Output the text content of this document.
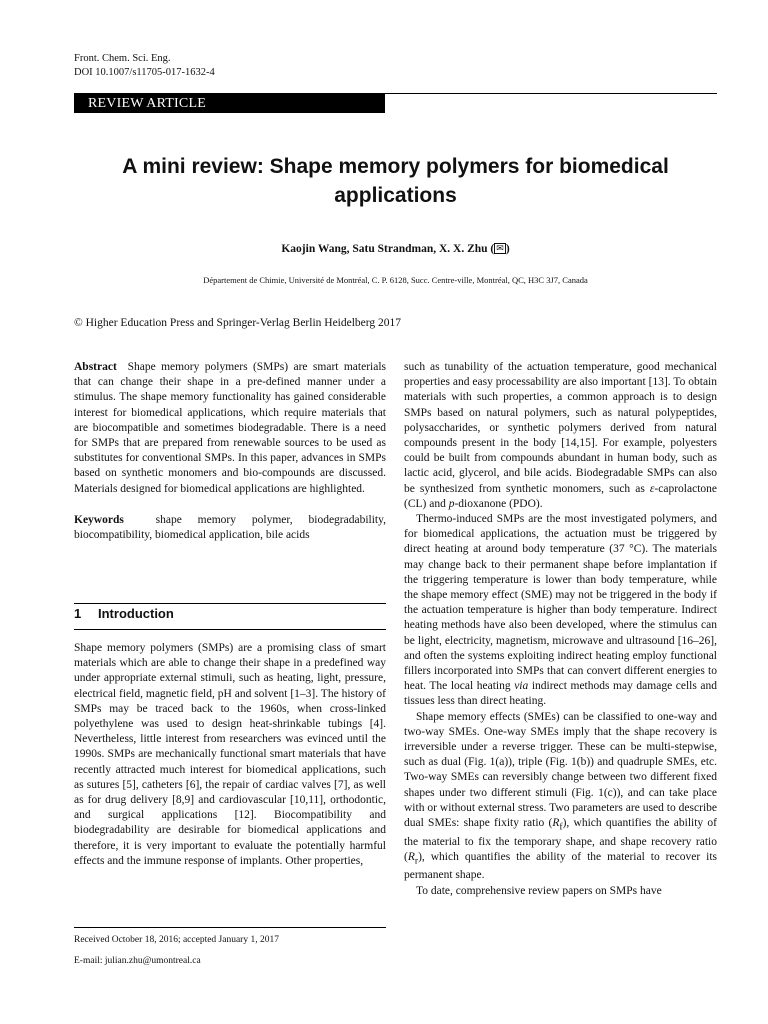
Front. Chem. Sci. Eng.
DOI 10.1007/s11705-017-1632-4
REVIEW ARTICLE
A mini review: Shape memory polymers for biomedical
applications
Kaojin Wang, Satu Strandman, X. X. Zhu ( ✉ )
Département de Chimie, Université de Montréal, C. P. 6128, Succ. Centre-ville, Montréal, QC, H3C 3J7, Canada
© Higher Education Press and Springer-Verlag Berlin Heidelberg 2017

Abstract Shape memory polymers (SMPs) are smart materials that can change their shape in a pre-defined manner under a stimulus. The shape memory functionality has gained considerable interest for biomedical applications, which require materials that are biocompatible and sometimes biodegradable. There is a need for SMPs that are prepared from renewable sources to be used as substitutes for conventional SMPs. In this paper, advances in SMPs based on synthetic monomers and bio-compounds are discussed. Materials designed for biomedical applications are highlighted.

Keywords	shape memory polymer, biodegradability, biocompatibility, biomedical application, bile acids

1 Introduction

Shape memory polymers (SMPs) are a promising class of smart materials which are able to change their shape in a predefined way under appropriate external stimuli, such as heating, light, pressure, electrical field, magnetic field, pH and solvent [1–3]. The history of SMPs may be traced back to the 1960s, when cross-linked polyethylene was used to design heat-shrinkable tubings [4]. Nevertheless, little interest from researchers was evinced until the 1990s. SMPs are mechanically functional smart materials that have recently attracted much interest for biomedical applications, such as sutures [5], catheters [6], the repair of cardiac valves [7], as well as for drug delivery [8,9] and cardiovascular [10,11], orthodontic, and surgical applications [12]. Biocompatibility and biodegradability are desirable for biomedical applications and therefore, it is very important to evaluate the potentially harmful effects and the immune response of implants. Other properties,

Received October 18, 2016; accepted January 1, 2017
E-mail: julian.zhu@umontreal.ca

such as tunability of the actuation temperature, good mechanical properties and easy processability are also important [13]. To obtain materials with such properties, a common approach is to design SMPs based on natural polymers, such as natural polypeptides, polysaccharides, or synthetic polymers derived from natural compounds present in the body [14,15]. For example, polyesters could be built from compounds abundant in human body, such as lactic acid, glycerol, and bile acids. Biodegradable SMPs can also be synthesized from synthetic monomers, such as ε-caprolactone (CL) and p-dioxanone (PDO).

Thermo-induced SMPs are the most investigated polymers, and for biomedical applications, the actuation must be triggered by direct heating at around body temperature (37 °C). The materials may change back to their permanent shape before implantation if the triggering temperature is lower than body temperature, while the shape memory effect (SME) may not be triggered in the body if the actuation temperature is higher than body temperature. Indirect heating methods have also been developed, where the stimulus can be light, electricity, magnetism, microwave and ultrasound [16–26], and often the systems exploiting indirect heating employ functional fillers incorporated into SMPs that can convert different energies to heat. The local heating via indirect methods may damage cells and tissues less than direct heating.

Shape memory effects (SMEs) can be classified to one-way and two-way SMEs. One-way SMEs imply that the shape recovery is irreversible under a reverse trigger. These can be multi-stepwise, such as dual (Fig. 1(a)), triple (Fig. 1(b)) and quadruple SMEs, etc. Two-way SMEs can reversibly change between two different fixed shapes under two different stimuli (Fig. 1(c)), and can take place with or without external stress. Two parameters are used to describe dual SMEs: shape fixity ratio $(R_f)$, which quantifies the ability of the material to fix the temporary shape, and shape recovery ratio $(R_r)$, which quantifies the ability of the material to recover its permanent shape.

To date, comprehensive review papers on SMPs have
